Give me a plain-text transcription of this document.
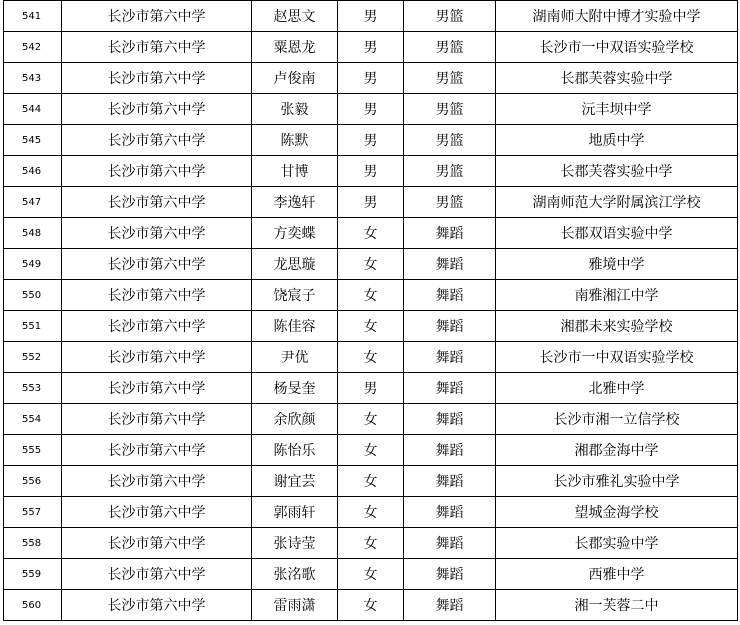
541	长沙市第六中学	赵思文	男	男篮	湖南师大附中博才实验中学
542	长沙市第六中学	粟恩龙	男	男篮	长沙市一中双语实验学校
543	长沙市第六中学	卢俊南	男	男篮	长郡芙蓉实验中学
544	长沙市第六中学	张毅	男	男篮	沅丰坝中学
545	长沙市第六中学	陈默	男	男篮	地质中学
546	长沙市第六中学	甘博	男	男篮	长郡芙蓉实验中学
547	长沙市第六中学	李逸轩	男	男篮	湖南师范大学附属滨江学校
548	长沙市第六中学	方奕蝶	女	舞蹈	长郡双语实验中学
549	长沙市第六中学	龙思璇	女	舞蹈	雅境中学
550	长沙市第六中学	饶宸子	女	舞蹈	南雅湘江中学
551	长沙市第六中学	陈佳容	女	舞蹈	湘郡未来实验学校
552	长沙市第六中学	尹优	女	舞蹈	长沙市一中双语实验学校
553	长沙市第六中学	杨旻奎	男	舞蹈	北雅中学
554	长沙市第六中学	余欣颜	女	舞蹈	长沙市湘一立信学校
555	长沙市第六中学	陈怡乐	女	舞蹈	湘郡金海中学
556	长沙市第六中学	谢宜芸	女	舞蹈	长沙市雅礼实验中学
557	长沙市第六中学	郭雨轩	女	舞蹈	望城金海学校
558	长沙市第六中学	张诗莹	女	舞蹈	长郡实验中学
559	长沙市第六中学	张洺歌	女	舞蹈	西雅中学
560	长沙市第六中学	雷雨潇	女	舞蹈	湘一芙蓉二中
